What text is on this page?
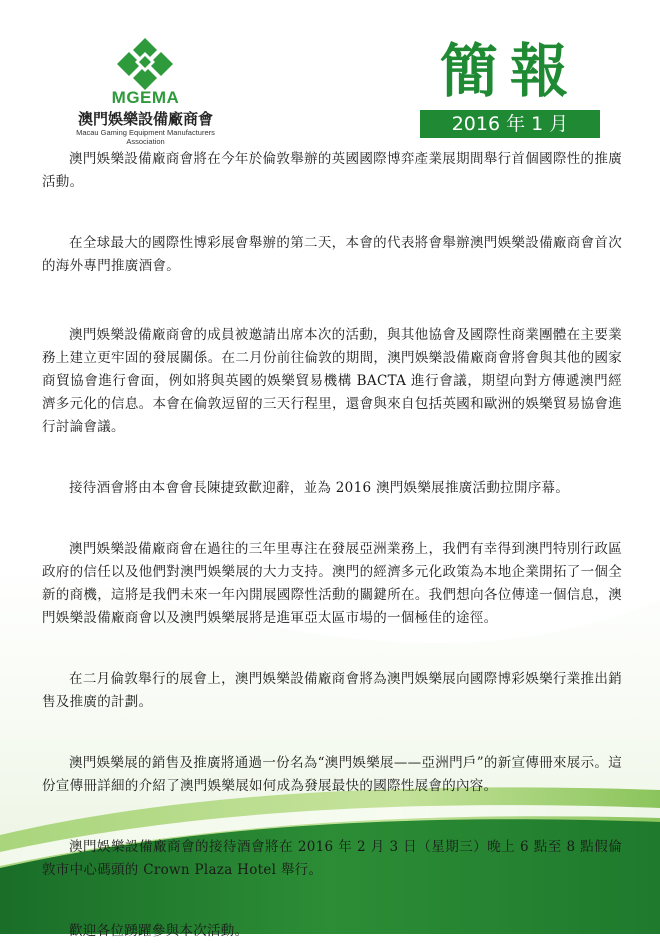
MGEMA
澳門娛樂設備廠商會
Macau Gaming Equipment Manufacturers Association
簡報
2016 年 1 月

澳門娛樂設備廠商會將在今年於倫敦舉辦的英國國際博弈產業展期間舉行首個國際性的推廣活動。

在全球最大的國際性博彩展會舉辦的第二天，本會的代表將會舉辦澳門娛樂設備廠商會首次的海外專門推廣酒會。

澳門娛樂設備廠商會的成員被邀請出席本次的活動，與其他協會及國際性商業團體在主要業務上建立更牢固的發展關係。在二月份前往倫敦的期間，澳門娛樂設備廠商會將會與其他的國家商貿協會進行會面，例如將與英國的娛樂貿易機構 BACTA 進行會議，期望向對方傳遞澳門經濟多元化的信息。本會在倫敦逗留的三天行程里，還會與來自包括英國和歐洲的娛樂貿易協會進行討論會議。

接待酒會將由本會會長陳捷致歡迎辭，並為 2016 澳門娛樂展推廣活動拉開序幕。

澳門娛樂設備廠商會在過往的三年里專注在發展亞洲業務上，我們有幸得到澳門特別行政區政府的信任以及他們對澳門娛樂展的大力支持。澳門的經濟多元化政策為本地企業開拓了一個全新的商機，這將是我們未來一年內開展國際性活動的關鍵所在。我們想向各位傳達一個信息，澳門娛樂設備廠商會以及澳門娛樂展將是進軍亞太區市場的一個極佳的途徑。

在二月倫敦舉行的展會上，澳門娛樂設備廠商會將為澳門娛樂展向國際博彩娛樂行業推出銷售及推廣的計劃。

澳門娛樂展的銷售及推廣將通過一份名為“澳門娛樂展——亞洲門戶”的新宣傳冊來展示。這份宣傳冊詳細的介紹了澳門娛樂展如何成為發展最快的國際性展會的內容。

澳門娛樂設備廠商會的接待酒會將在 2016 年 2 月 3 日（星期三）晚上 6 點至 8 點假倫敦市中心碼頭的 Crown Plaza Hotel 舉行。

歡迎各位踴躍參與本次活動。
